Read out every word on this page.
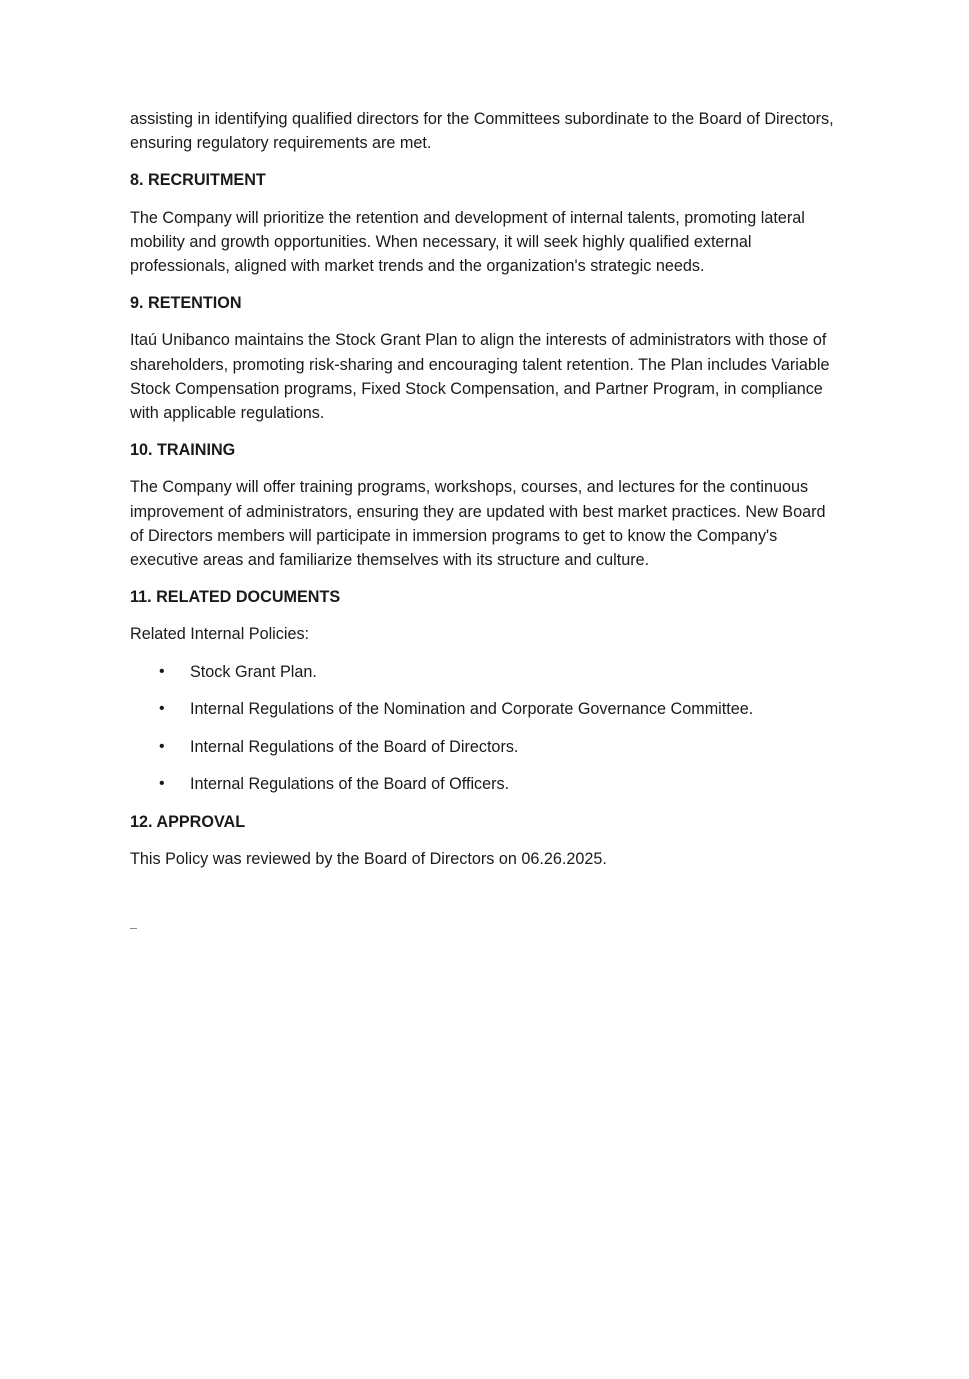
assisting in identifying qualified directors for the Committees subordinate to the Board of Directors, ensuring regulatory requirements are met.

8. RECRUITMENT

The Company will prioritize the retention and development of internal talents, promoting lateral mobility and growth opportunities. When necessary, it will seek highly qualified external professionals, aligned with market trends and the organization's strategic needs.

9. RETENTION

Itaú Unibanco maintains the Stock Grant Plan to align the interests of administrators with those of shareholders, promoting risk-sharing and encouraging talent retention. The Plan includes Variable Stock Compensation programs, Fixed Stock Compensation, and Partner Program, in compliance with applicable regulations.

10. TRAINING

The Company will offer training programs, workshops, courses, and lectures for the continuous improvement of administrators, ensuring they are updated with best market practices. New Board of Directors members will participate in immersion programs to get to know the Company's executive areas and familiarize themselves with its structure and culture.

11. RELATED DOCUMENTS

Related Internal Policies:

• Stock Grant Plan.
• Internal Regulations of the Nomination and Corporate Governance Committee.
• Internal Regulations of the Board of Directors.
• Internal Regulations of the Board of Officers.

12. APPROVAL

This Policy was reviewed by the Board of Directors on 06.26.2025.
